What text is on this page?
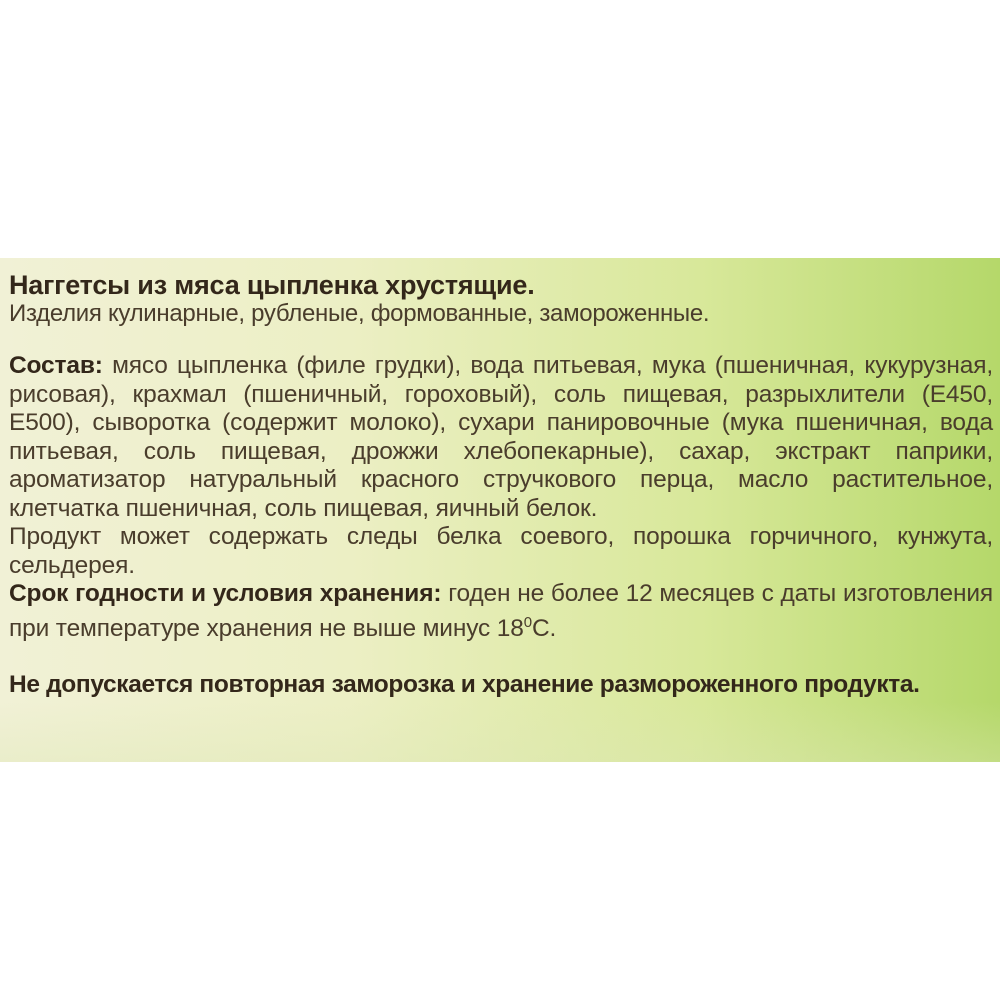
Наггетсы из мяса цыпленка хрустящие.
Изделия кулинарные, рубленые, формованные, замороженные.
Состав: мясо цыпленка (филе грудки), вода питьевая, мука (пшеничная, кукурузная, рисовая), крахмал (пшеничный, гороховый), соль пищевая, разрыхлители (Е450, Е500), сыворотка (содержит молоко), сухари панировочные (мука пшеничная, вода питьевая, соль пищевая, дрожжи хлебопекарные), сахар, экстракт паприки, ароматизатор натуральный красного стручкового перца, масло растительное, клетчатка пшеничная, соль пищевая, яичный белок.
Продукт может содержать следы белка соевого, порошка горчичного, кунжута, сельдерея.
Срок годности и условия хранения: годен не более 12 месяцев с даты изготовления при температуре хранения не выше минус $18^0С$.
Не допускается повторная заморозка и хранение размороженного продукта.
